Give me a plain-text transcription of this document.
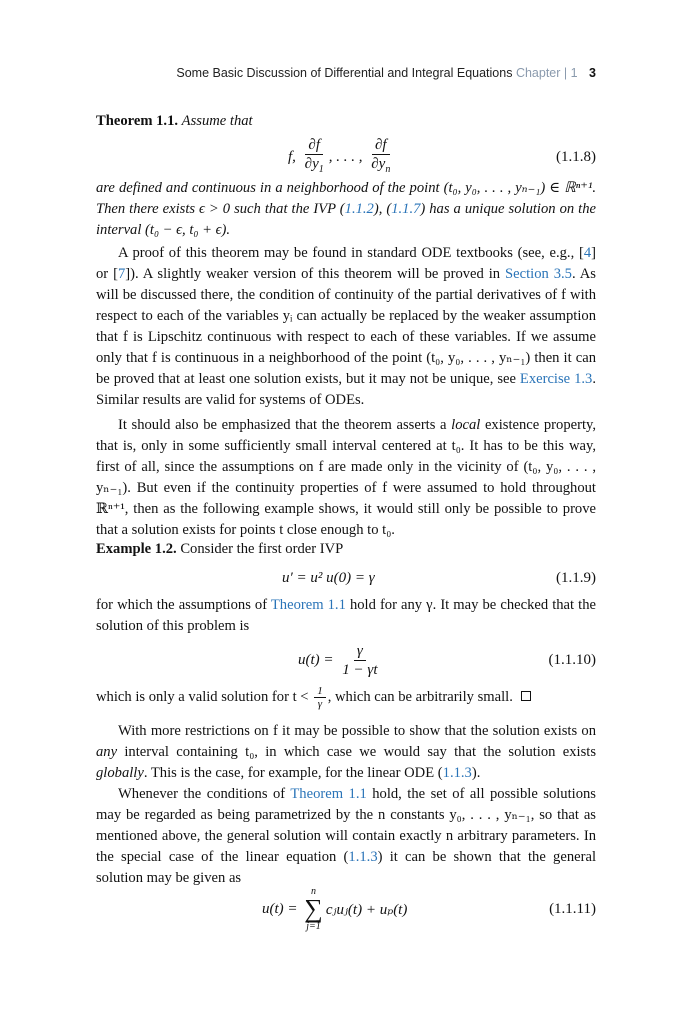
Some Basic Discussion of Differential and Integral Equations Chapter | 1 3

Theorem 1.1. Assume that

f, $\frac{\partial f}{\partial y_1}$ , . . . , $\frac{\partial f}{\partial y_n}$	(1.1.8)

are defined and continuous in a neighborhood of the point (t₀, y₀, . . . , yₙ₋₁) ∈ ℝⁿ⁺¹. Then there exists ϵ > 0 such that the IVP (1.1.2), (1.1.7) has a unique solution on the interval (t₀ − ϵ, t₀ + ϵ).

A proof of this theorem may be found in standard ODE textbooks (see, e.g., [4] or [7]). A slightly weaker version of this theorem will be proved in Section 3.5. As will be discussed there, the condition of continuity of the partial derivatives of f with respect to each of the variables yᵢ can actually be replaced by the weaker assumption that f is Lipschitz continuous with respect to each of these variables. If we assume only that f is continuous in a neighborhood of the point (t₀, y₀, . . . , yₙ₋₁) then it can be proved that at least one solution exists, but it may not be unique, see Exercise 1.3. Similar results are valid for systems of ODEs.

It should also be emphasized that the theorem asserts a local existence property, that is, only in some sufficiently small interval centered at t₀. It has to be this way, first of all, since the assumptions on f are made only in the vicinity of (t₀, y₀, . . . , yₙ₋₁). But even if the continuity properties of f were assumed to hold throughout ℝⁿ⁺¹, then as the following example shows, it would still only be possible to prove that a solution exists for points t close enough to t₀.

Example 1.2. Consider the first order IVP

u′ = u² u(0) = γ	(1.1.9)

for which the assumptions of Theorem 1.1 hold for any γ. It may be checked that the solution of this problem is

u(t) =
$\frac{\gamma}{1 - \gamma t}$	(1.1.10)

which is only a valid solution for $t < \frac{1}{\gamma}$ , which can be arbitrarily small.

With more restrictions on f it may be possible to show that the solution exists on any interval containing t₀, in which case we would say that the solution exists globally. This is the case, for example, for the linear ODE (1.1.3).

Whenever the conditions of Theorem 1.1 hold, the set of all possible solutions may be regarded as being parametrized by the n constants y₀, . . . , yₙ₋₁, so that as mentioned above, the general solution will contain exactly n arbitrary parameters. In the special case of the linear equation (1.1.3) it can be shown that the general solution may be given as

u(t) =

n
∑
j=1
cⱼuⱼ(t) + uₚ(t)	(1.1.11)
